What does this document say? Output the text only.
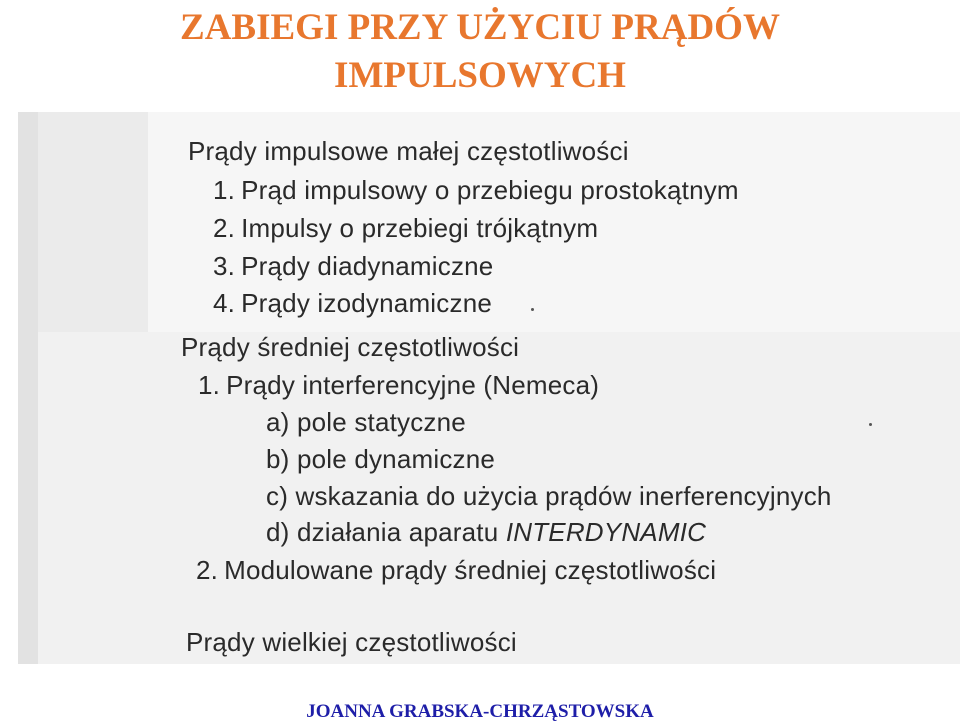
ZABIEGI PRZY UŻYCIU PRĄDÓW
IMPULSOWYCH
Prądy impulsowe małej częstotliwości
1. Prąd impulsowy o przebiegu prostokątnym
2. Impulsy o przebiegi trójkątnym
3. Prądy diadynamiczne
4. Prądy izodynamiczne
Prądy średniej częstotliwości
1. Prądy interferencyjne (Nemeca)
a) pole statyczne
b) pole dynamiczne
c) wskazania do użycia prądów inerferencyjnych
d) działania aparatu INTERDYNAMIC
2. Modulowane prądy średniej częstotliwości
Prądy wielkiej częstotliwości
JOANNA GRABSKA-CHRZĄSTOWSKA
